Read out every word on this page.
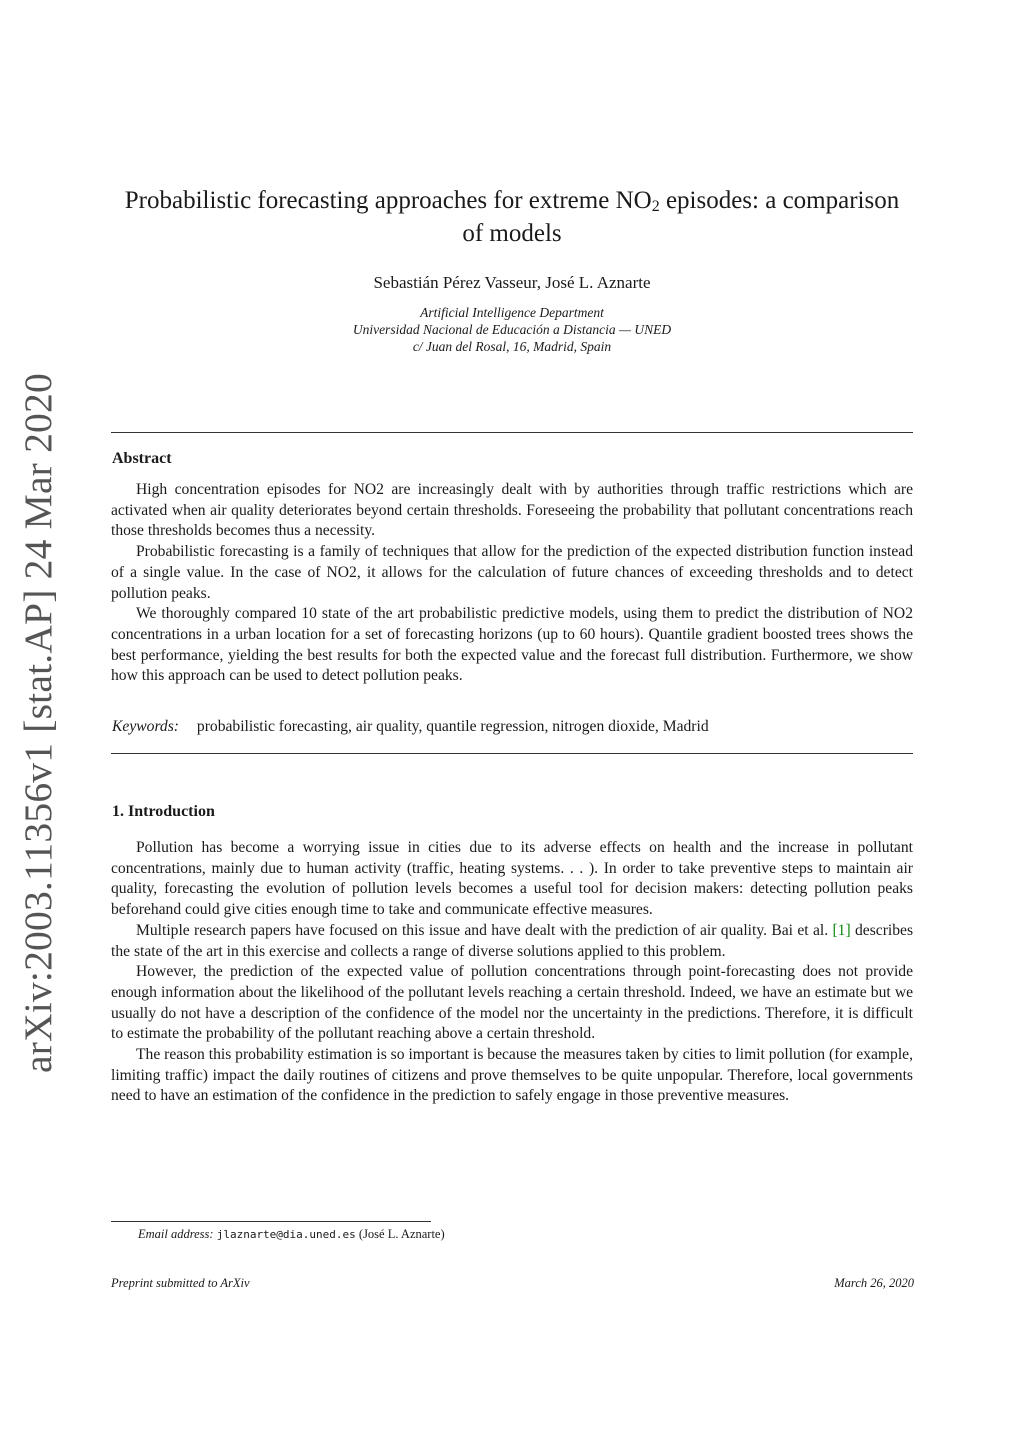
arXiv:2003.11356v1 [stat.AP] 24 Mar 2020
Probabilistic forecasting approaches for extreme $NO_2$ episodes: a comparison of models
Sebastián Pérez Vasseur, José L. Aznarte
Artificial Intelligence Department
Universidad Nacional de Educación a Distancia — UNED
c/ Juan del Rosal, 16, Madrid, Spain
Abstract

High concentration episodes for NO2 are increasingly dealt with by authorities through traffic restrictions which are activated when air quality deteriorates beyond certain thresholds. Foreseeing the probability that pollutant concentrations reach those thresholds becomes thus a necessity.

Probabilistic forecasting is a family of techniques that allow for the prediction of the expected distribution function instead of a single value. In the case of NO2, it allows for the calculation of future chances of exceeding thresholds and to detect pollution peaks.

We thoroughly compared 10 state of the art probabilistic predictive models, using them to predict the distribution of NO2 concentrations in a urban location for a set of forecasting horizons (up to 60 hours). Quantile gradient boosted trees shows the best performance, yielding the best results for both the expected value and the forecast full distribution. Furthermore, we show how this approach can be used to detect pollution peaks.

Keywords: probabilistic forecasting, air quality, quantile regression, nitrogen dioxide, Madrid
1. Introduction

Pollution has become a worrying issue in cities due to its adverse effects on health and the increase in pollutant concentrations, mainly due to human activity (traffic, heating systems. . . ). In order to take preventive steps to maintain air quality, forecasting the evolution of pollution levels becomes a useful tool for decision makers: detecting pollution peaks beforehand could give cities enough time to take and communicate effective measures.

Multiple research papers have focused on this issue and have dealt with the prediction of air quality. Bai et al. [1] describes the state of the art in this exercise and collects a range of diverse solutions applied to this problem.

However, the prediction of the expected value of pollution concentrations through point-forecasting does not provide enough information about the likelihood of the pollutant levels reaching a certain threshold. Indeed, we have an estimate but we usually do not have a description of the confidence of the model nor the uncertainty in the predictions. Therefore, it is difficult to estimate the probability of the pollutant reaching above a certain threshold.

The reason this probability estimation is so important is because the measures taken by cities to limit pollution (for example, limiting traffic) impact the daily routines of citizens and prove themselves to be quite unpopular. Therefore, local governments need to have an estimation of the confidence in the prediction to safely engage in those preventive measures.

Email address: jlaznarte@dia.uned.es (José L. Aznarte)
Preprint submitted to ArXiv	March 26, 2020
